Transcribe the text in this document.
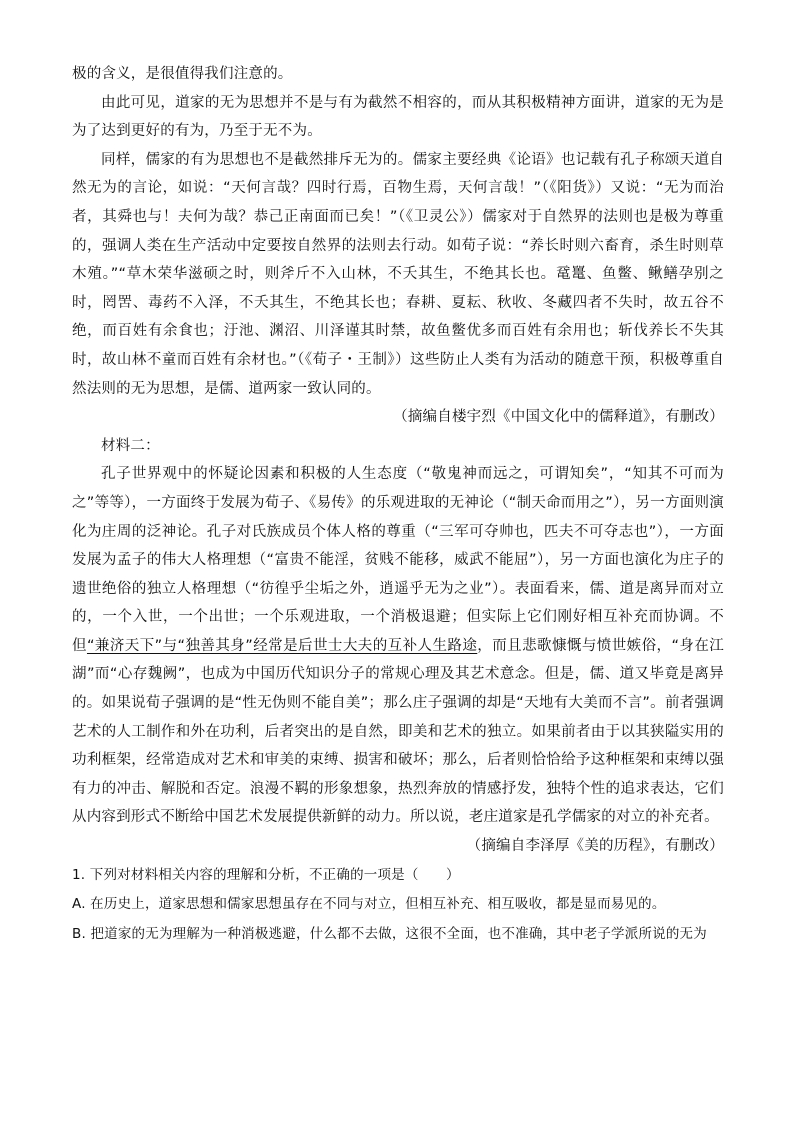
极的含义，是很值得我们注意的。

由此可见，道家的无为思想并不是与有为截然不相容的，而从其积极精神方面讲，道家的无为是为了达到更好的有为，乃至于无不为。

同样，儒家的有为思想也不是截然排斥无为的。儒家主要经典《论语》也记载有孔子称颂天道自然无为的言论，如说：“天何言哉？四时行焉，百物生焉，天何言哉！”（《阳货》）又说：“无为而治者，其舜也与！夫何为哉？恭己正南面而已矣！”（《卫灵公》）儒家对于自然界的法则也是极为尊重的，强调人类在生产活动中定要按自然界的法则去行动。如荀子说：“养长时则六畜育，杀生时则草木殖。”“草木荣华滋硕之时，则斧斤不入山林，不夭其生，不绝其长也。鼋鼍、鱼鳖、鳅鳝孕别之时，罔罟、毒药不入泽，不夭其生，不绝其长也；春耕、夏耘、秋收、冬藏四者不失时，故五谷不绝，而百姓有余食也；汙池、渊沼、川泽谨其时禁，故鱼鳖优多而百姓有余用也；斩伐养长不失其时，故山林不童而百姓有余材也。”（《荀子・王制》）这些防止人类有为活动的随意干预，积极尊重自然法则的无为思想，是儒、道两家一致认同的。

（摘编自楼宇烈《中国文化中的儒释道》，有删改）

材料二：

孔子世界观中的怀疑论因素和积极的人生态度（“敬鬼神而远之，可谓知矣”，“知其不可而为之”等等），一方面终于发展为荀子、《易传》的乐观进取的无神论（“制天命而用之”），另一方面则演化为庄周的泛神论。孔子对氏族成员个体人格的尊重（“三军可夺帅也，匹夫不可夺志也”），一方面发展为孟子的伟大人格理想（“富贵不能淫，贫贱不能移，威武不能屈”），另一方面也演化为庄子的遗世绝俗的独立人格理想（“彷徨乎尘垢之外，逍遥乎无为之业”）。表面看来，儒、道是离异而对立的，一个入世，一个出世；一个乐观进取，一个消极退避；但实际上它们刚好相互补充而协调。不但“兼济天下”与“独善其身”经常是后世士大夫的互补人生路途，而且悲歌慷慨与愤世嫉俗，“身在江湖”而“心存魏阙”，也成为中国历代知识分子的常规心理及其艺术意念。但是，儒、道又毕竟是离异的。如果说荀子强调的是“性无伪则不能自美”；那么庄子强调的却是“天地有大美而不言”。前者强调艺术的人工制作和外在功利，后者突出的是自然，即美和艺术的独立。如果前者由于以其狭隘实用的功利框架，经常造成对艺术和审美的束缚、损害和破坏；那么，后者则恰恰给予这种框架和束缚以强有力的冲击、解脱和否定。浪漫不羁的形象想象，热烈奔放的情感抒发，独特个性的追求表达，它们从内容到形式不断给中国艺术发展提供新鲜的动力。所以说，老庄道家是孔学儒家的对立的补充者。

（摘编自李泽厚《美的历程》，有删改）

1. 下列对材料相关内容的理解和分析，不正确的一项是（　　）

A. 在历史上，道家思想和儒家思想虽存在不同与对立，但相互补充、相互吸收，都是显而易见的。

B. 把道家的无为理解为一种消极逃避，什么都不去做，这很不全面，也不准确，其中老子学派所说的无为
